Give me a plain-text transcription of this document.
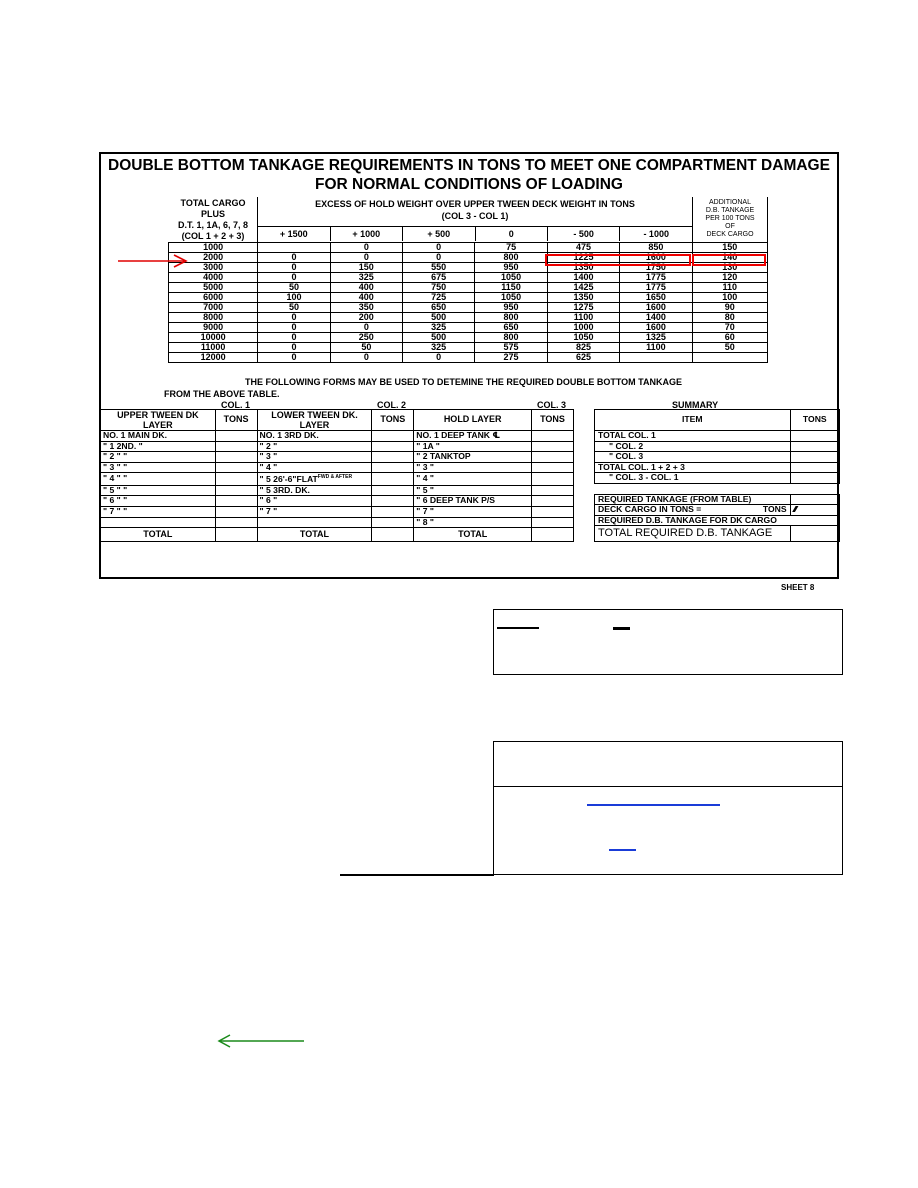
DOUBLE BOTTOM TANKAGE REQUIREMENTS IN TONS TO MEET ONE COMPARTMENT DAMAGE
FOR NORMAL CONDITIONS OF LOADING
TOTAL CARGO
PLUS
D.T. 1, 1A, 6, 7, 8
(COL 1 + 2 + 3)
EXCESS OF HOLD WEIGHT OVER UPPER TWEEN DECK WEIGHT IN TONS
(COL 3 - COL 1)
ADDITIONAL
D.B. TANKAGE
PER 100 TONS
OF
DECK CARGO
+ 1500	+ 1000	+ 500	0	- 500	- 1000
1000		0	0	75	475	850	150
2000	0	0	0	800	1225	1600	140
3000	0	150	550	950	1350	1750	130
4000	0	325	675	1050	1400	1775	120
5000	50	400	750	1150	1425	1775	110
6000	100	400	725	1050	1350	1650	100
7000	50	350	650	950	1275	1600	90
8000	0	200	500	800	1100	1400	80
9000	0	0	325	650	1000	1600	70
10000	0	250	500	800	1050	1325	60
11000	0	50	325	575	825	1100	50
12000	0	0	0	275	625		
THE FOLLOWING FORMS MAY BE USED TO DETEMINE THE REQUIRED DOUBLE BOTTOM TANKAGE
FROM THE ABOVE TABLE.
COL. 1	COL. 2	COL. 3	SUMMARY
UPPER TWEEN DK LAYER	TONS	LOWER TWEEN DK. LAYER	TONS	HOLD LAYER	TONS
NO. 1 MAIN DK.		NO. 1 3RD DK.		NO. 1 DEEP TANK ℄	
" 1 2ND. "		" 2 "		" 1A "	
" 2 " "		" 3 "		" 2 TANKTOP	
" 3 " "		" 4 "		" 3 "	
" 4 " "		" 5 $26'-6"FLAT^{FWD \& AFTER}$		" 4 "	
" 5 " "		" 5 3RD. DK.		" 5 "	
" 6 " "		" 6 "		" 6 DEEP TANK P/S	
" 7 " "		" 7 "		" 7 "	
				" 8 "	
TOTAL		TOTAL		TOTAL	
ITEM	TONS
TOTAL COL. 1	
" COL. 2	
" COL. 3	
TOTAL COL. 1 + 2 + 3	
" COL. 3 - COL. 1	

REQUIRED TANKAGE (FROM TABLE)	
DECK CARGO IN TONS = TONS	⁄⁄⁄⁄⁄⁄⁄
REQUIRED D.B. TANKAGE FOR DK CARGO	
TOTAL REQUIRED D.B. TANKAGE	
SHEET 8
